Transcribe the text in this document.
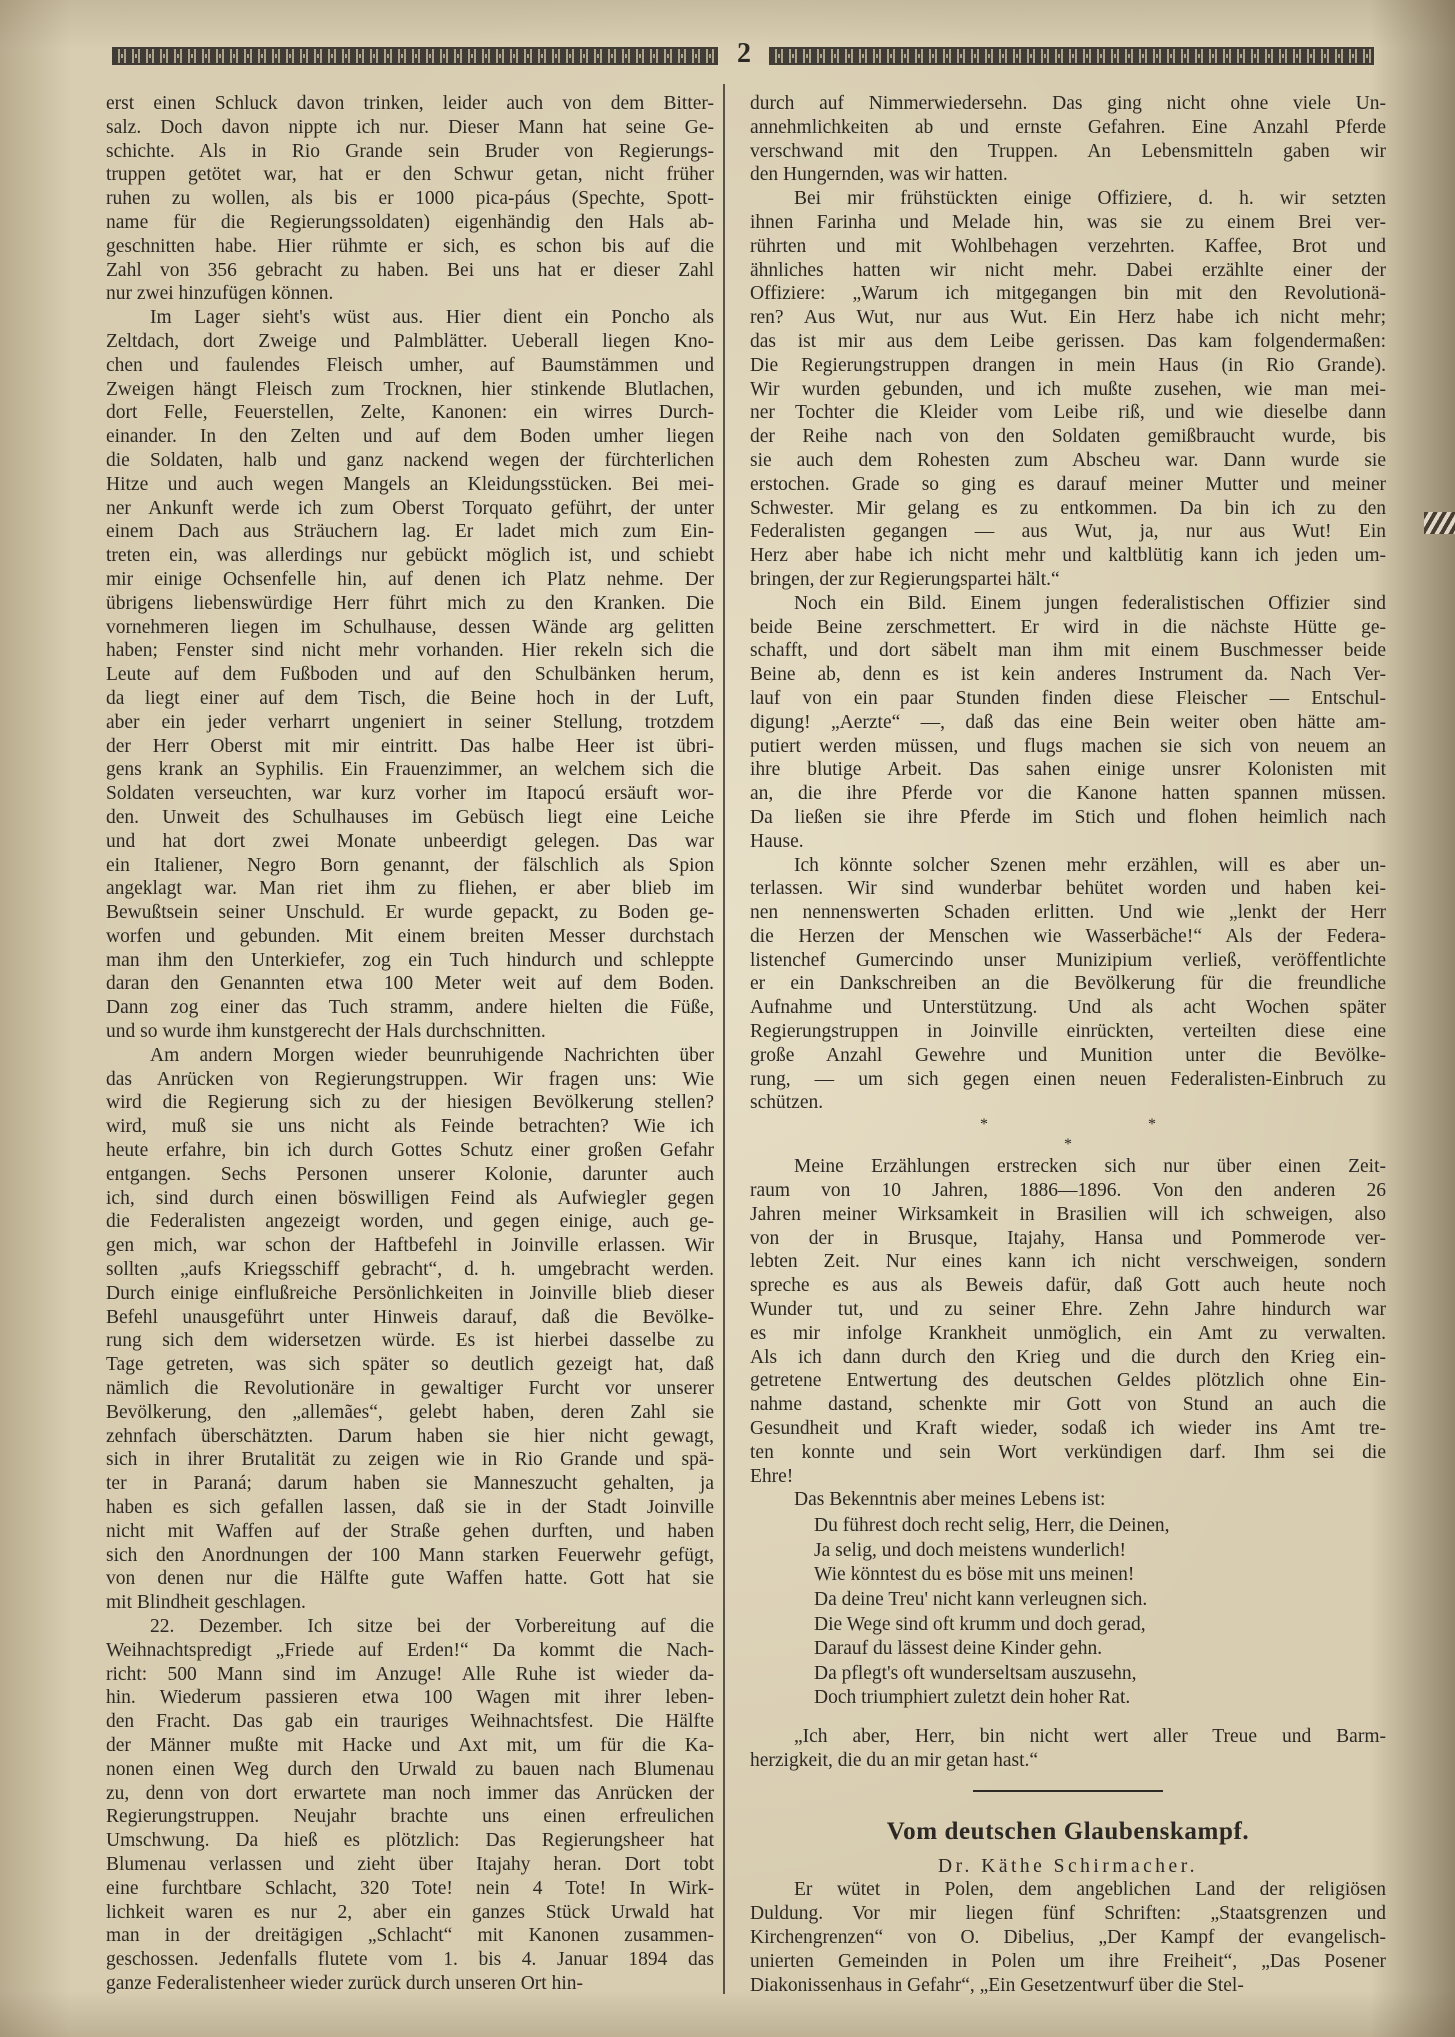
2
erst einen Schluck davon trinken, leider auch von dem Bitter-
salz. Doch davon nippte ich nur. Dieser Mann hat seine Ge-
schichte. Als in Rio Grande sein Bruder von Regierungs-
truppen getötet war, hat er den Schwur getan, nicht früher
ruhen zu wollen, als bis er 1000 pica-páus (Spechte, Spott-
name für die Regierungssoldaten) eigenhändig den Hals ab-
geschnitten habe. Hier rühmte er sich, es schon bis auf die
Zahl von 356 gebracht zu haben. Bei uns hat er dieser Zahl
nur zwei hinzufügen können.
Im Lager sieht's wüst aus. Hier dient ein Poncho als
Zeltdach, dort Zweige und Palmblätter. Ueberall liegen Kno-
chen und faulendes Fleisch umher, auf Baumstämmen und
Zweigen hängt Fleisch zum Trocknen, hier stinkende Blutlachen,
dort Felle, Feuerstellen, Zelte, Kanonen: ein wirres Durch-
einander. In den Zelten und auf dem Boden umher liegen
die Soldaten, halb und ganz nackend wegen der fürchterlichen
Hitze und auch wegen Mangels an Kleidungsstücken. Bei mei-
ner Ankunft werde ich zum Oberst Torquato geführt, der unter
einem Dach aus Sträuchern lag. Er ladet mich zum Ein-
treten ein, was allerdings nur gebückt möglich ist, und schiebt
mir einige Ochsenfelle hin, auf denen ich Platz nehme. Der
übrigens liebenswürdige Herr führt mich zu den Kranken. Die
vornehmeren liegen im Schulhause, dessen Wände arg gelitten
haben; Fenster sind nicht mehr vorhanden. Hier rekeln sich die
Leute auf dem Fußboden und auf den Schulbänken herum,
da liegt einer auf dem Tisch, die Beine hoch in der Luft,
aber ein jeder verharrt ungeniert in seiner Stellung, trotzdem
der Herr Oberst mit mir eintritt. Das halbe Heer ist übri-
gens krank an Syphilis. Ein Frauenzimmer, an welchem sich die
Soldaten verseuchten, war kurz vorher im Itapocú ersäuft wor-
den. Unweit des Schulhauses im Gebüsch liegt eine Leiche
und hat dort zwei Monate unbeerdigt gelegen. Das war
ein Italiener, Negro Born genannt, der fälschlich als Spion
angeklagt war. Man riet ihm zu fliehen, er aber blieb im
Bewußtsein seiner Unschuld. Er wurde gepackt, zu Boden ge-
worfen und gebunden. Mit einem breiten Messer durchstach
man ihm den Unterkiefer, zog ein Tuch hindurch und schleppte
daran den Genannten etwa 100 Meter weit auf dem Boden.
Dann zog einer das Tuch stramm, andere hielten die Füße,
und so wurde ihm kunstgerecht der Hals durchschnitten.
Am andern Morgen wieder beunruhigende Nachrichten über
das Anrücken von Regierungstruppen. Wir fragen uns: Wie
wird die Regierung sich zu der hiesigen Bevölkerung stellen?
wird, muß sie uns nicht als Feinde betrachten? Wie ich
heute erfahre, bin ich durch Gottes Schutz einer großen Gefahr
entgangen. Sechs Personen unserer Kolonie, darunter auch
ich, sind durch einen böswilligen Feind als Aufwiegler gegen
die Federalisten angezeigt worden, und gegen einige, auch ge-
gen mich, war schon der Haftbefehl in Joinville erlassen. Wir
sollten „aufs Kriegsschiff gebracht“, d. h. umgebracht werden.
Durch einige einflußreiche Persönlichkeiten in Joinville blieb dieser
Befehl unausgeführt unter Hinweis darauf, daß die Bevölke-
rung sich dem widersetzen würde. Es ist hierbei dasselbe zu
Tage getreten, was sich später so deutlich gezeigt hat, daß
nämlich die Revolutionäre in gewaltiger Furcht vor unserer
Bevölkerung, den „allemães“, gelebt haben, deren Zahl sie
zehnfach überschätzten. Darum haben sie hier nicht gewagt,
sich in ihrer Brutalität zu zeigen wie in Rio Grande und spä-
ter in Paraná; darum haben sie Manneszucht gehalten, ja
haben es sich gefallen lassen, daß sie in der Stadt Joinville
nicht mit Waffen auf der Straße gehen durften, und haben
sich den Anordnungen der 100 Mann starken Feuerwehr gefügt,
von denen nur die Hälfte gute Waffen hatte. Gott hat sie
mit Blindheit geschlagen.
22. Dezember. Ich sitze bei der Vorbereitung auf die
Weihnachtspredigt „Friede auf Erden!“ Da kommt die Nach-
richt: 500 Mann sind im Anzuge! Alle Ruhe ist wieder da-
hin. Wiederum passieren etwa 100 Wagen mit ihrer leben-
den Fracht. Das gab ein trauriges Weihnachtsfest. Die Hälfte
der Männer mußte mit Hacke und Axt mit, um für die Ka-
nonen einen Weg durch den Urwald zu bauen nach Blumenau
zu, denn von dort erwartete man noch immer das Anrücken der
Regierungstruppen. Neujahr brachte uns einen erfreulichen
Umschwung. Da hieß es plötzlich: Das Regierungsheer hat
Blumenau verlassen und zieht über Itajahy heran. Dort tobt
eine furchtbare Schlacht, 320 Tote! nein 4 Tote! In Wirk-
lichkeit waren es nur 2, aber ein ganzes Stück Urwald hat
man in der dreitägigen „Schlacht“ mit Kanonen zusammen-
geschossen. Jedenfalls flutete vom 1. bis 4. Januar 1894 das
ganze Federalistenheer wieder zurück durch unseren Ort hin-
durch auf Nimmerwiedersehn. Das ging nicht ohne viele Un-
annehmlichkeiten ab und ernste Gefahren. Eine Anzahl Pferde
verschwand mit den Truppen. An Lebensmitteln gaben wir
den Hungernden, was wir hatten.
Bei mir frühstückten einige Offiziere, d. h. wir setzten
ihnen Farinha und Melade hin, was sie zu einem Brei ver-
rührten und mit Wohlbehagen verzehrten. Kaffee, Brot und
ähnliches hatten wir nicht mehr. Dabei erzählte einer der
Offiziere: „Warum ich mitgegangen bin mit den Revolutionä-
ren? Aus Wut, nur aus Wut. Ein Herz habe ich nicht mehr;
das ist mir aus dem Leibe gerissen. Das kam folgendermaßen:
Die Regierungstruppen drangen in mein Haus (in Rio Grande).
Wir wurden gebunden, und ich mußte zusehen, wie man mei-
ner Tochter die Kleider vom Leibe riß, und wie dieselbe dann
der Reihe nach von den Soldaten gemißbraucht wurde, bis
sie auch dem Rohesten zum Abscheu war. Dann wurde sie
erstochen. Grade so ging es darauf meiner Mutter und meiner
Schwester. Mir gelang es zu entkommen. Da bin ich zu den
Federalisten gegangen — aus Wut, ja, nur aus Wut! Ein
Herz aber habe ich nicht mehr und kaltblütig kann ich jeden um-
bringen, der zur Regierungspartei hält.“
Noch ein Bild. Einem jungen federalistischen Offizier sind
beide Beine zerschmettert. Er wird in die nächste Hütte ge-
schafft, und dort säbelt man ihm mit einem Buschmesser beide
Beine ab, denn es ist kein anderes Instrument da. Nach Ver-
lauf von ein paar Stunden finden diese Fleischer — Entschul-
digung! „Aerzte“ —, daß das eine Bein weiter oben hätte am-
putiert werden müssen, und flugs machen sie sich von neuem an
ihre blutige Arbeit. Das sahen einige unsrer Kolonisten mit
an, die ihre Pferde vor die Kanone hatten spannen müssen.
Da ließen sie ihre Pferde im Stich und flohen heimlich nach
Hause.
Ich könnte solcher Szenen mehr erzählen, will es aber un-
terlassen. Wir sind wunderbar behütet worden und haben kei-
nen nennenswerten Schaden erlitten. Und wie „lenkt der Herr
die Herzen der Menschen wie Wasserbäche!“ Als der Federa-
listenchef Gumercindo unser Munizipium verließ, veröffentlichte
er ein Dankschreiben an die Bevölkerung für die freundliche
Aufnahme und Unterstützung. Und als acht Wochen später
Regierungstruppen in Joinville einrückten, verteilten diese eine
große Anzahl Gewehre und Munition unter die Bevölke-
rung, — um sich gegen einen neuen Federalisten-Einbruch zu
schützen.
*	*
*
Meine Erzählungen erstrecken sich nur über einen Zeit-
raum von 10 Jahren, 1886—1896. Von den anderen 26
Jahren meiner Wirksamkeit in Brasilien will ich schweigen, also
von der in Brusque, Itajahy, Hansa und Pommerode ver-
lebten Zeit. Nur eines kann ich nicht verschweigen, sondern
spreche es aus als Beweis dafür, daß Gott auch heute noch
Wunder tut, und zu seiner Ehre. Zehn Jahre hindurch war
es mir infolge Krankheit unmöglich, ein Amt zu verwalten.
Als ich dann durch den Krieg und die durch den Krieg ein-
getretene Entwertung des deutschen Geldes plötzlich ohne Ein-
nahme dastand, schenkte mir Gott von Stund an auch die
Gesundheit und Kraft wieder, sodaß ich wieder ins Amt tre-
ten konnte und sein Wort verkündigen darf. Ihm sei die
Ehre!
Das Bekenntnis aber meines Lebens ist:
Du führest doch recht selig, Herr, die Deinen,
Ja selig, und doch meistens wunderlich!
Wie könntest du es böse mit uns meinen!
Da deine Treu' nicht kann verleugnen sich.
Die Wege sind oft krumm und doch gerad,
Darauf du lässest deine Kinder gehn.
Da pflegt's oft wunderseltsam auszusehn,
Doch triumphiert zuletzt dein hoher Rat.
„Ich aber, Herr, bin nicht wert aller Treue und Barm-
herzigkeit, die du an mir getan hast.“
Vom deutschen Glaubenskampf.
Dr. Käthe Schirmacher.
Er wütet in Polen, dem angeblichen Land der religiösen
Duldung. Vor mir liegen fünf Schriften: „Staatsgrenzen und
Kirchengrenzen“ von O. Dibelius, „Der Kampf der evangelisch-
unierten Gemeinden in Polen um ihre Freiheit“, „Das Posener
Diakonissenhaus in Gefahr“, „Ein Gesetzentwurf über die Stel-
